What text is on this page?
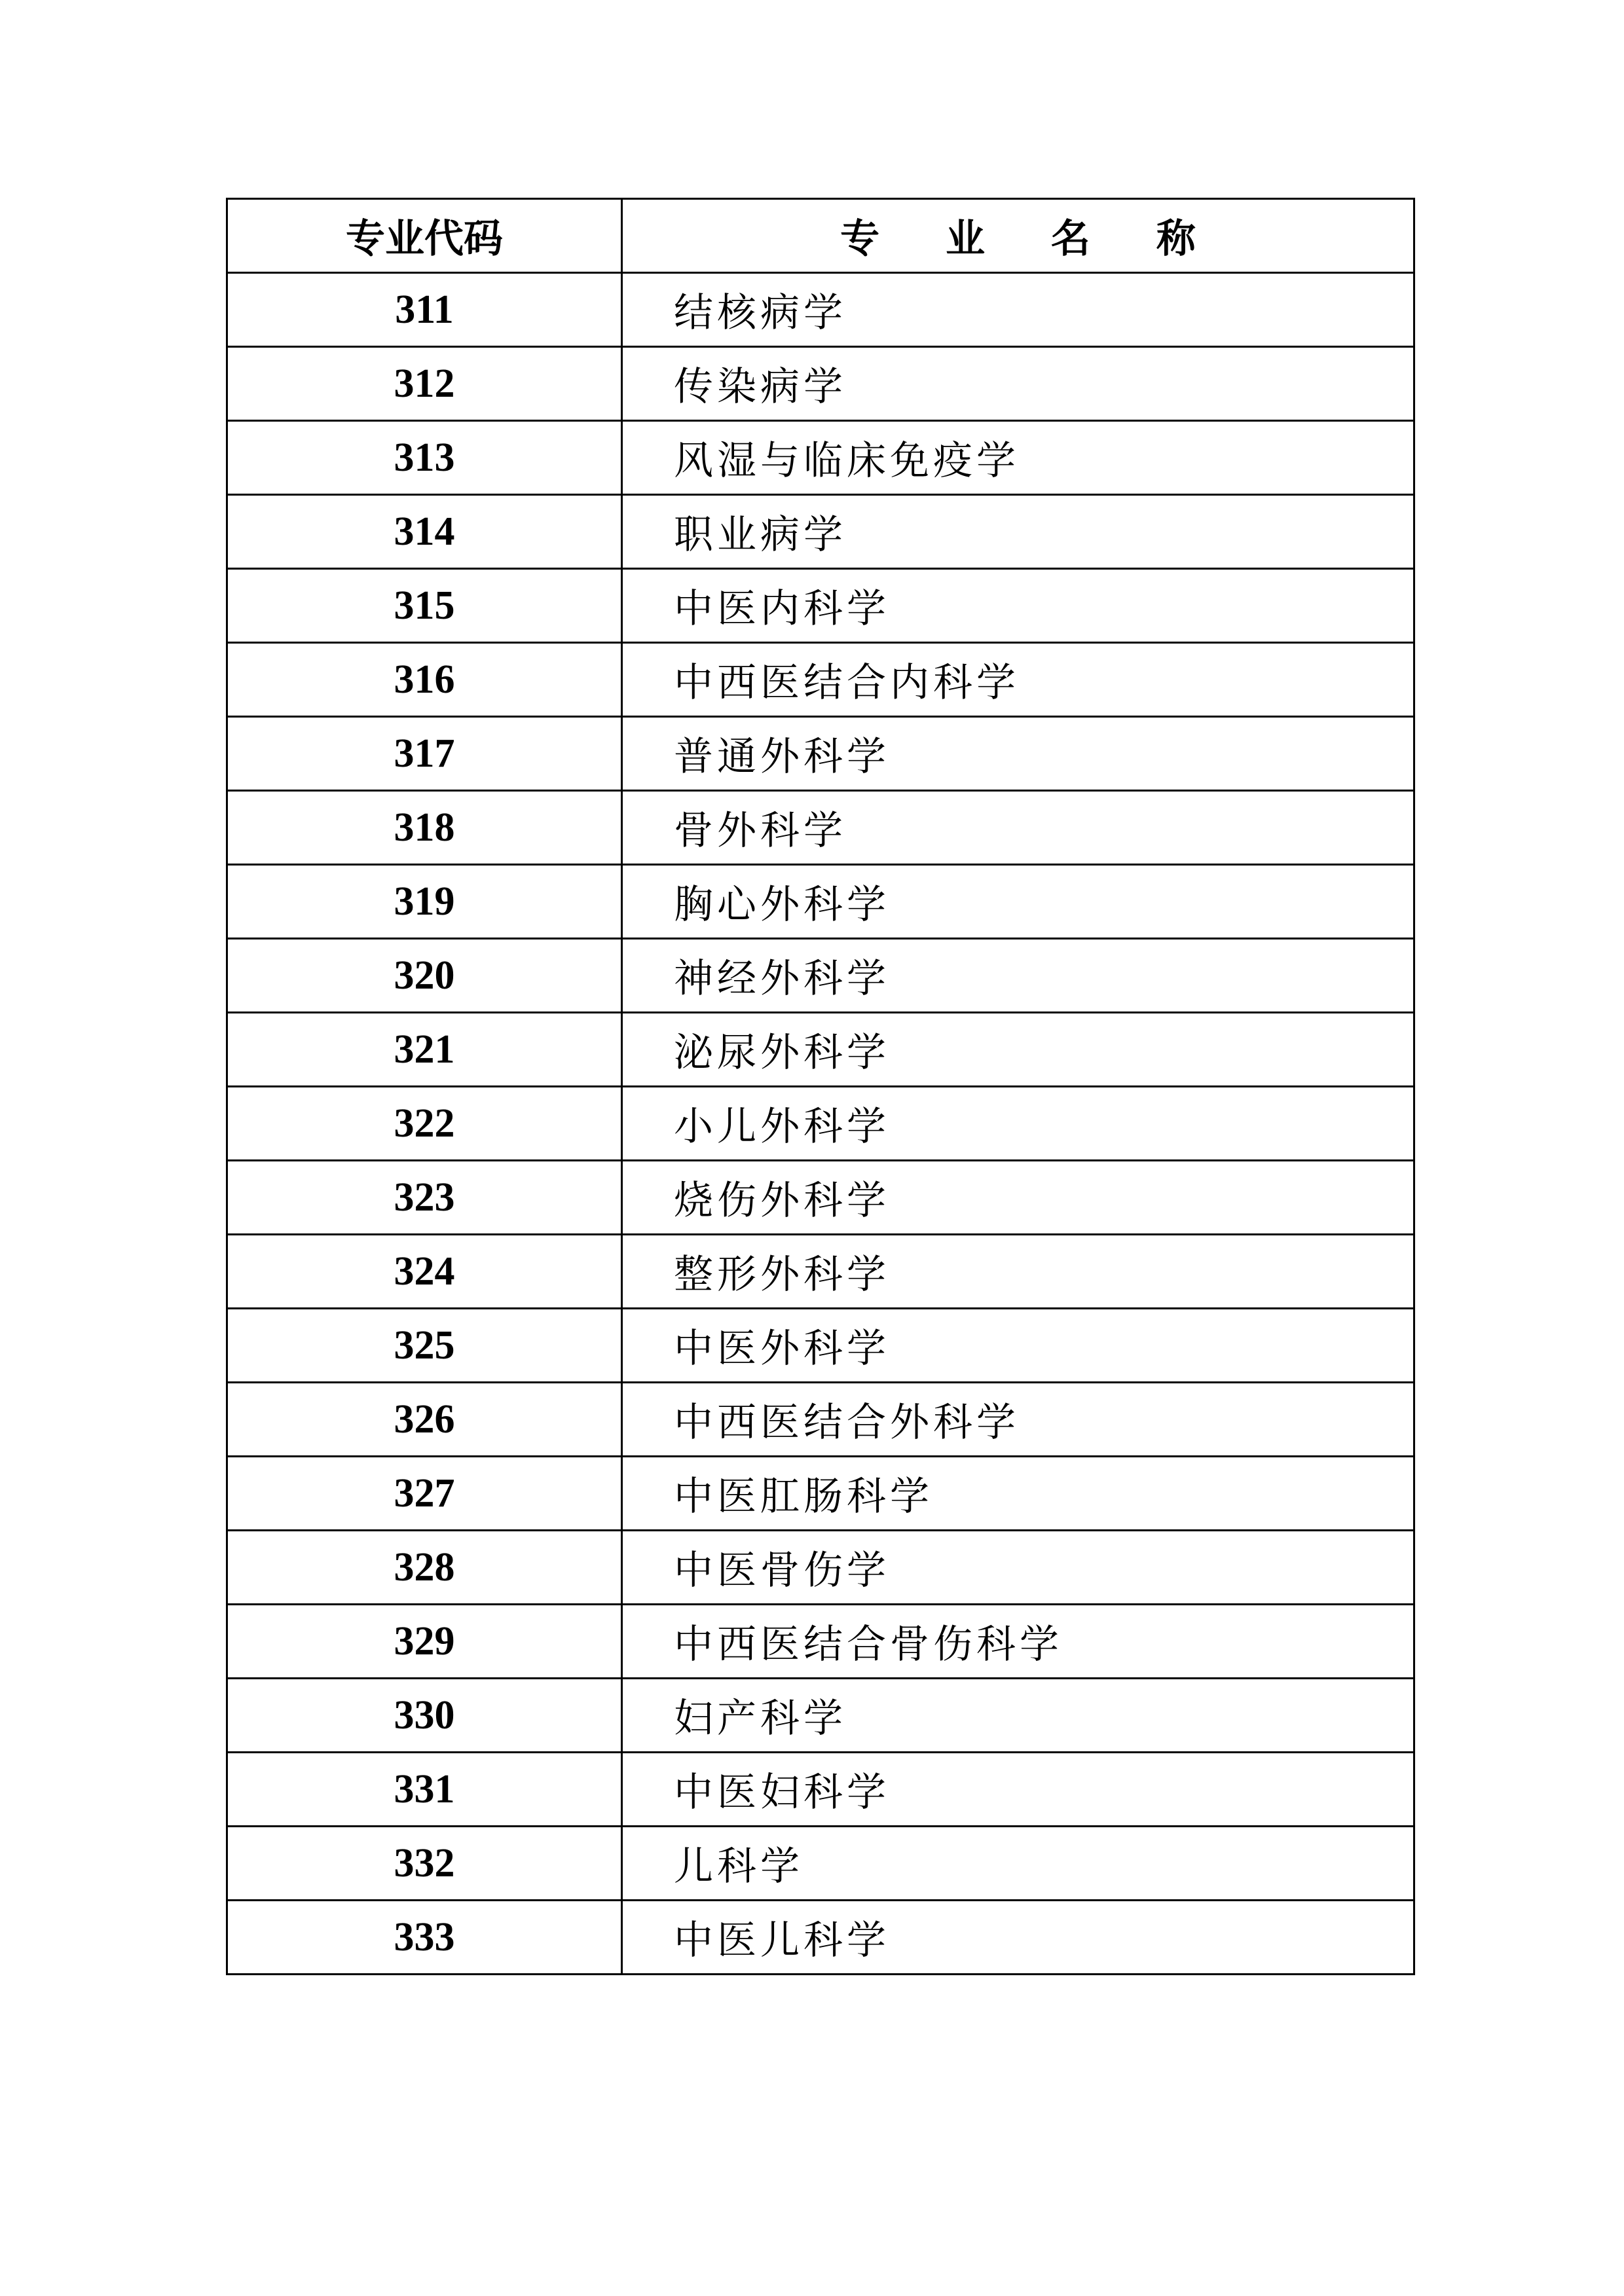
专业代码	专 业 名 称
311	结核病学
312	传染病学
313	风湿与临床免疫学
314	职业病学
315	中医内科学
316	中西医结合内科学
317	普通外科学
318	骨外科学
319	胸心外科学
320	神经外科学
321	泌尿外科学
322	小儿外科学
323	烧伤外科学
324	整形外科学
325	中医外科学
326	中西医结合外科学
327	中医肛肠科学
328	中医骨伤学
329	中西医结合骨伤科学
330	妇产科学
331	中医妇科学
332	儿科学
333	中医儿科学
